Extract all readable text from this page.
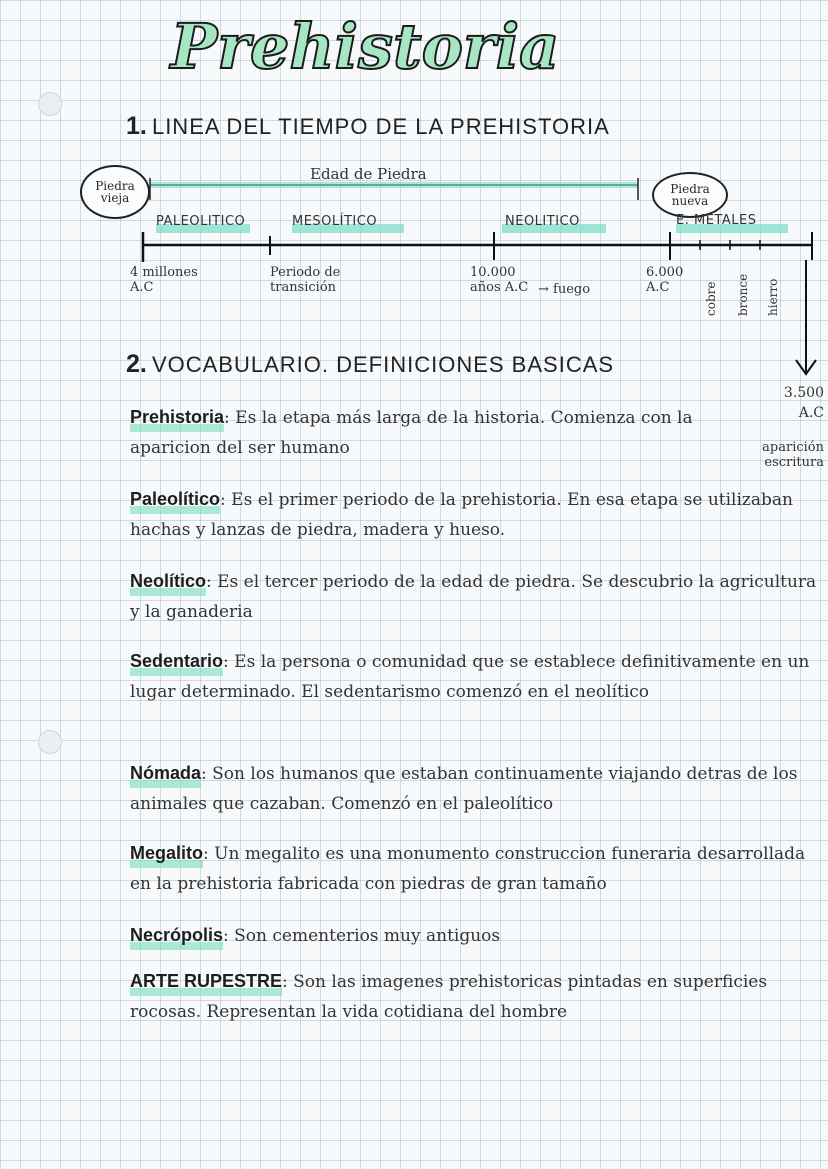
Prehistoria
1. LINEA DEL TIEMPO DE LA PREHISTORIA
Edad de Piedra
Piedra vieja
Piedra nueva
PALEOLITICO	MESOLÍTICO	NEOLITICO	E. METALES
4 millones A.C
Periodo de transición
10.000 años A.C → fuego
6.000 A.C	cobre bronce hierro
3.500 A.C
aparición escritura
2. VOCABULARIO. DEFINICIONES BASICAS
Prehistoria: Es la etapa más larga de la historia. Comienza con la aparicion del ser humano
Paleolítico: Es el primer periodo de la prehistoria. En esa etapa se utilizaban hachas y lanzas de piedra, madera y hueso.
Neolítico: Es el tercer periodo de la edad de piedra. Se descubrio la agricultura y la ganaderia
Sedentario: Es la persona o comunidad que se establece definitivamente en un lugar determinado. El sedentarismo comenzó en el neolítico
Nómada: Son los humanos que estaban continuamente viajando detras de los animales que cazaban. Comenzó en el paleolítico
Megalito: Un megalito es una monumento construccion funeraria desarrollada en la prehistoria fabricada con piedras de gran tamaño
Necrópolis: Son cementerios muy antiguos
ARTE RUPESTRE: Son las imagenes prehistoricas pintadas en superficies rocosas. Representan la vida cotidiana del hombre
